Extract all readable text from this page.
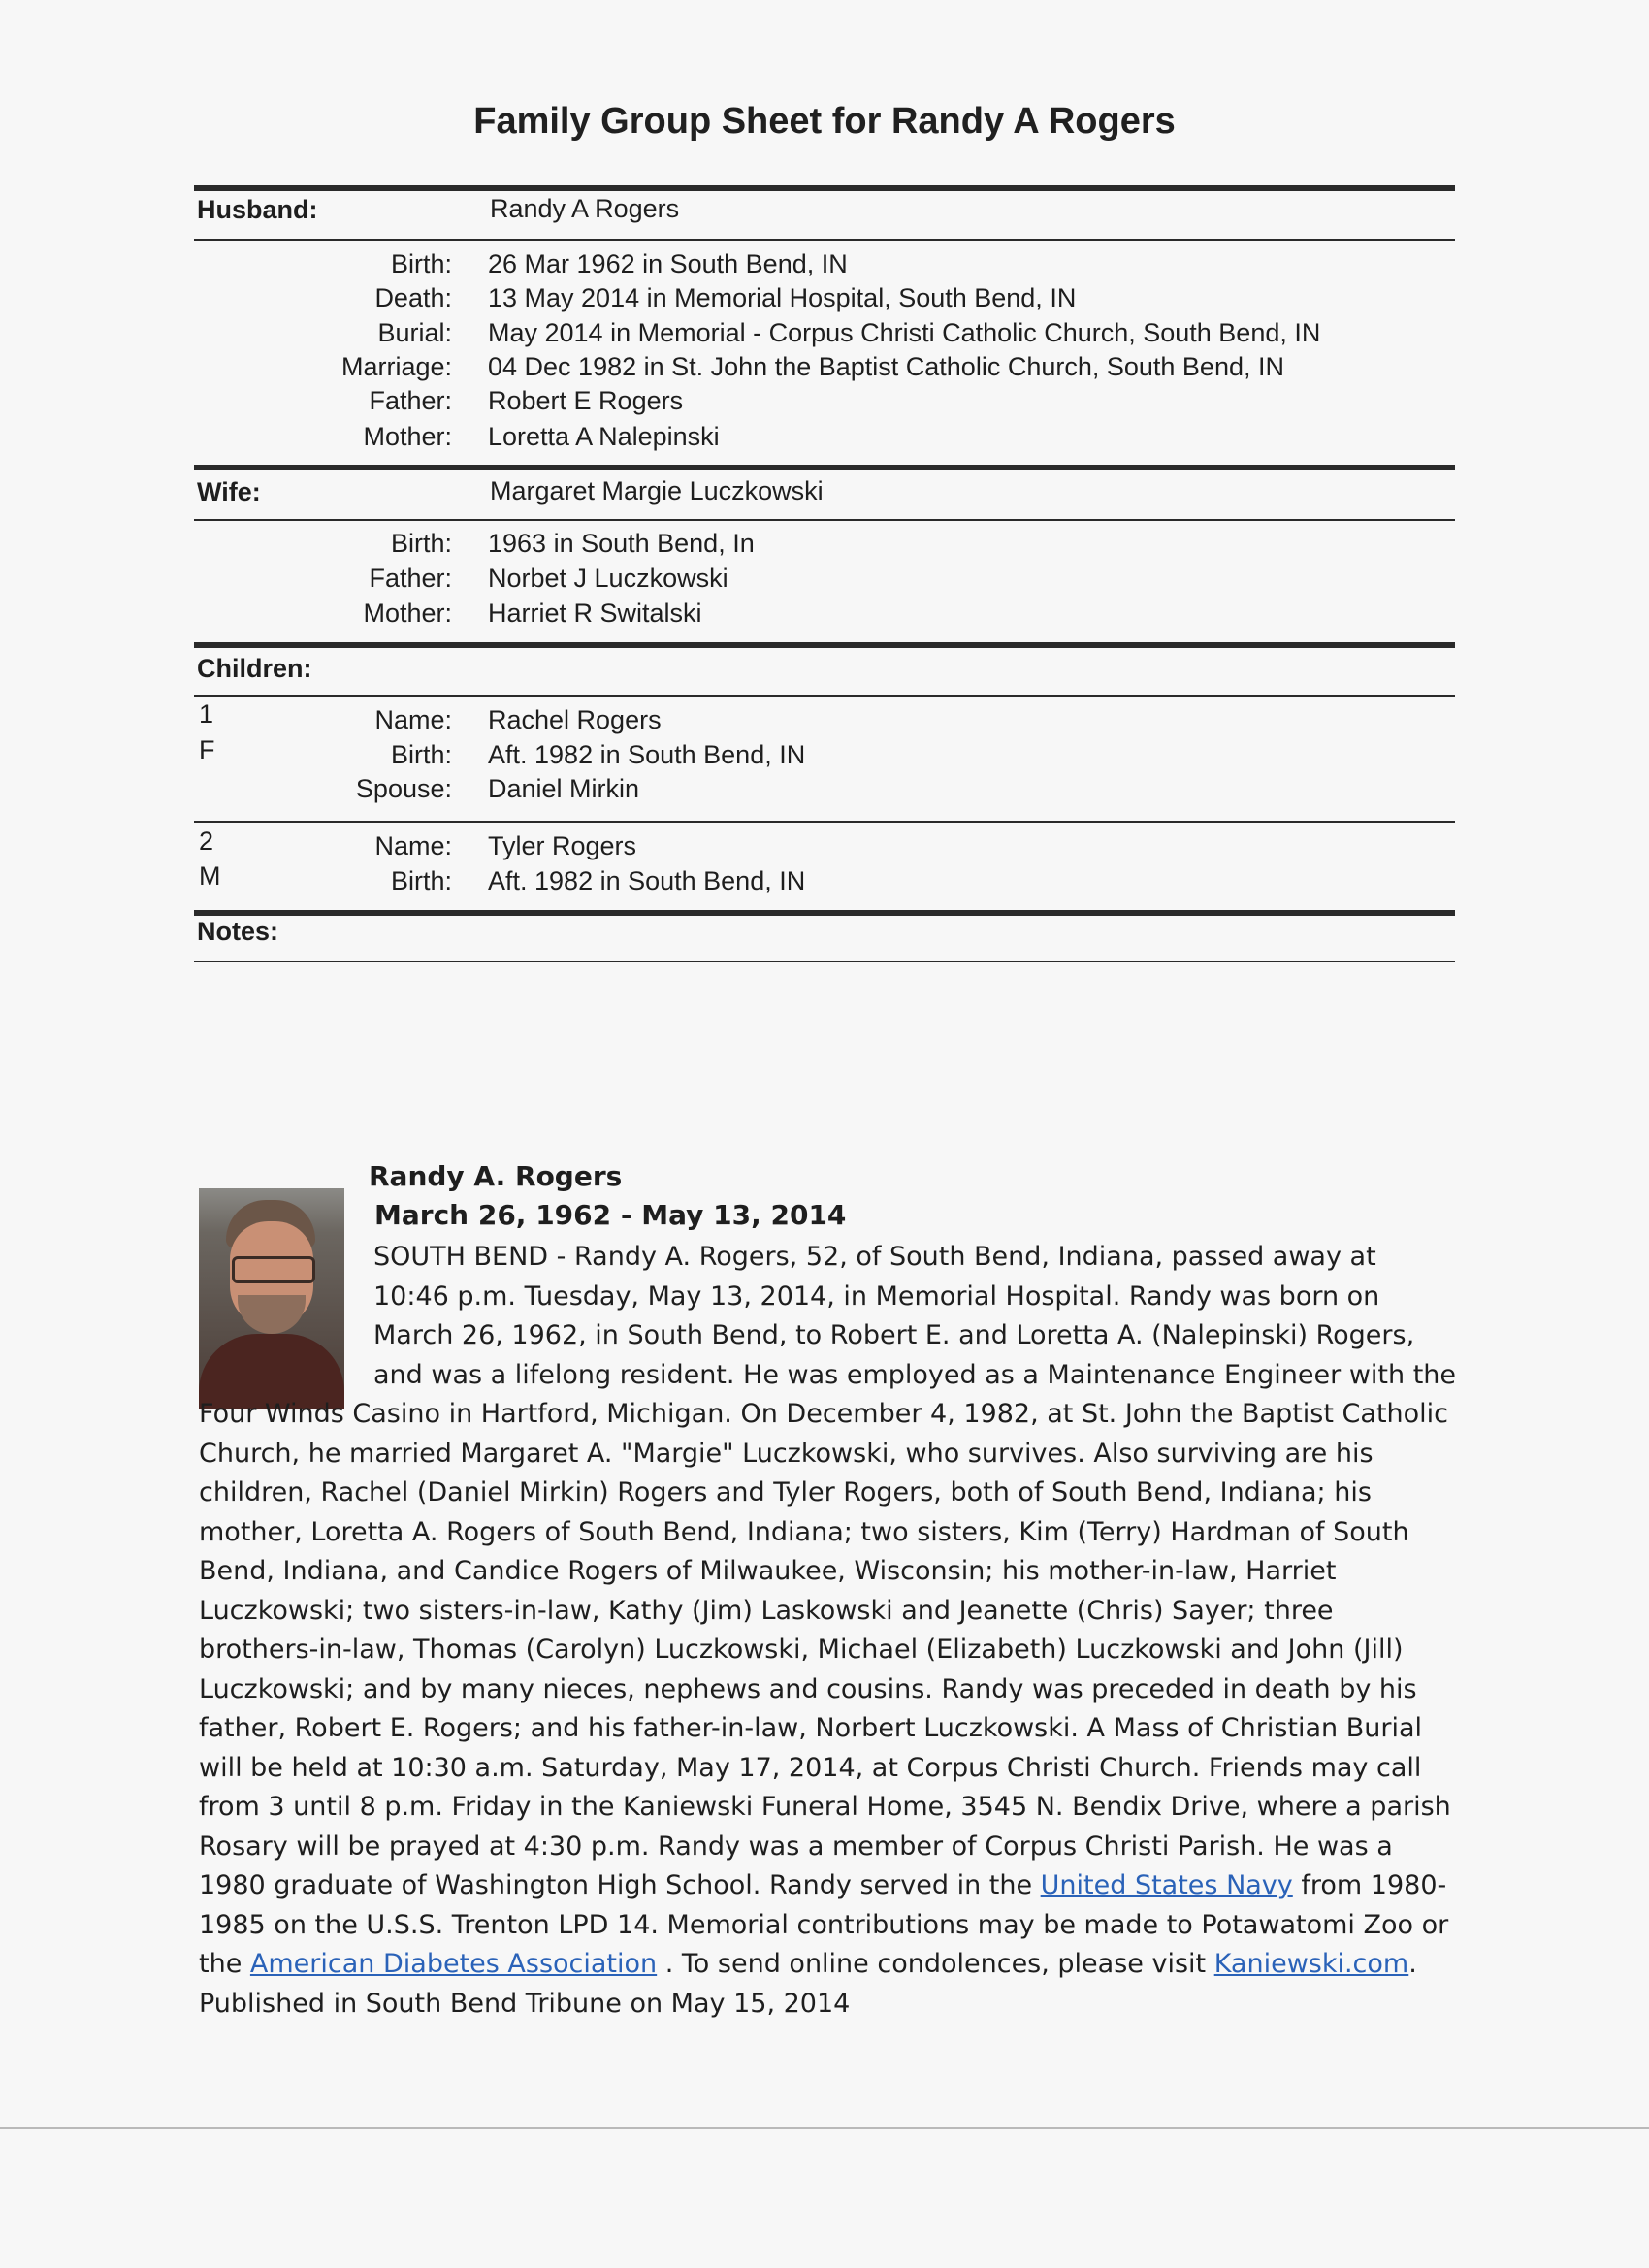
Family Group Sheet for Randy A Rogers
Husband:	Randy A Rogers
Birth: 26 Mar 1962 in South Bend, IN
Death: 13 May 2014 in Memorial Hospital, South Bend, IN
Burial: May 2014 in Memorial - Corpus Christi Catholic Church, South Bend, IN
Marriage: 04 Dec 1982 in St. John the Baptist Catholic Church, South Bend, IN
Father: Robert E Rogers
Mother: Loretta A Nalepinski
Wife:	Margaret Margie Luczkowski
Birth: 1963 in South Bend, In
Father: Norbet J Luczkowski
Mother: Harriet R Switalski
Children:
1
F
Name: Rachel Rogers
Birth: Aft. 1982 in South Bend, IN
Spouse: Daniel Mirkin
2
M
Name: Tyler Rogers
Birth: Aft. 1982 in South Bend, IN
Notes:
Randy A. Rogers
March 26, 1962 - May 13, 2014
SOUTH BEND - Randy A. Rogers, 52, of South Bend, Indiana, passed away at 10:46 p.m. Tuesday, May 13, 2014, in Memorial Hospital. Randy was born on March 26, 1962, in South Bend, to Robert E. and Loretta A. (Nalepinski) Rogers, and was a lifelong resident. He was employed as a Maintenance Engineer with the Four Winds Casino in Hartford, Michigan. On December 4, 1982, at St. John the Baptist Catholic Church, he married Margaret A. "Margie" Luczkowski, who survives. Also surviving are his children, Rachel (Daniel Mirkin) Rogers and Tyler Rogers, both of South Bend, Indiana; his mother, Loretta A. Rogers of South Bend, Indiana; two sisters, Kim (Terry) Hardman of South Bend, Indiana, and Candice Rogers of Milwaukee, Wisconsin; his mother-in-law, Harriet Luczkowski; two sisters-in-law, Kathy (Jim) Laskowski and Jeanette (Chris) Sayer; three brothers-in-law, Thomas (Carolyn) Luczkowski, Michael (Elizabeth) Luczkowski and John (Jill) Luczkowski; and by many nieces, nephews and cousins. Randy was preceded in death by his father, Robert E. Rogers; and his father-in-law, Norbert Luczkowski. A Mass of Christian Burial will be held at 10:30 a.m. Saturday, May 17, 2014, at Corpus Christi Church. Friends may call from 3 until 8 p.m. Friday in the Kaniewski Funeral Home, 3545 N. Bendix Drive, where a parish Rosary will be prayed at 4:30 p.m. Randy was a member of Corpus Christi Parish. He was a 1980 graduate of Washington High School. Randy served in the United States Navy from 1980-1985 on the U.S.S. Trenton LPD 14. Memorial contributions may be made to Potawatomi Zoo or the American Diabetes Association . To send online condolences, please visit Kaniewski.com. Published in South Bend Tribune on May 15, 2014
